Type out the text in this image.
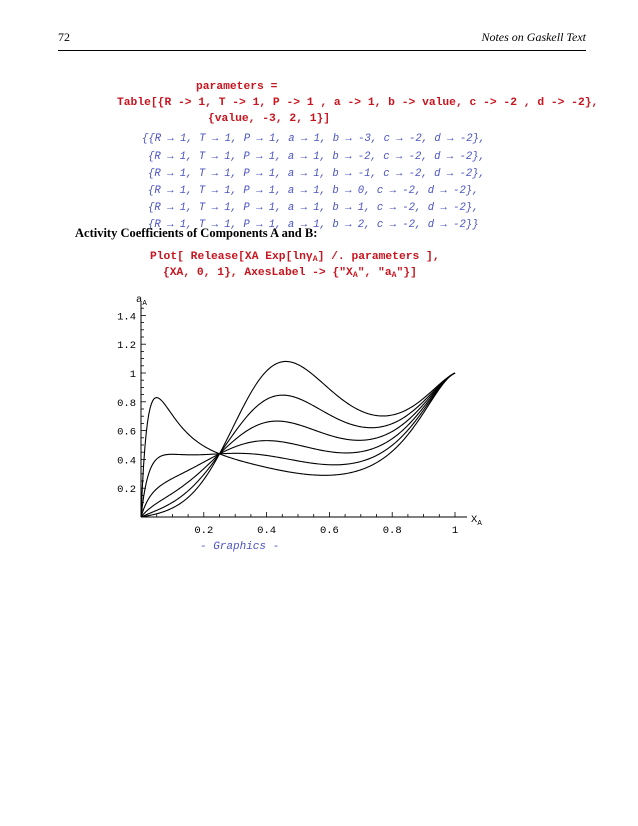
72	Notes on Gaskell Text
parameters =
Table[{R -> 1, T -> 1, P -> 1 , a -> 1, b -> value, c -> -2 , d -> -2},
{value, -3, 2, 1}]
{{R → 1, T → 1, P → 1, a → 1, b → -3, c → -2, d → -2},
{R → 1, T → 1, P → 1, a → 1, b → -2, c → -2, d → -2},
{R → 1, T → 1, P → 1, a → 1, b → -1, c → -2, d → -2},
{R → 1, T → 1, P → 1, a → 1, b → 0, c → -2, d → -2},
{R → 1, T → 1, P → 1, a → 1, b → 1, c → -2, d → -2},
{R → 1, T → 1, P → 1, a → 1, b → 2, c → -2, d → -2}}
Activity Coefficients of Components A and B:
Plot[ Release[XA Exp[lnγ$_A$] /. parameters ],
{XA, 0, 1}, AxesLabel -> {"$X_A$", "$a_A$"}]
0.2	0.4	0.6	0.8	1
0.2
0.4
0.6
0.8
1
1.2
1.4
$X_A$
$a_A$
- Graphics -
